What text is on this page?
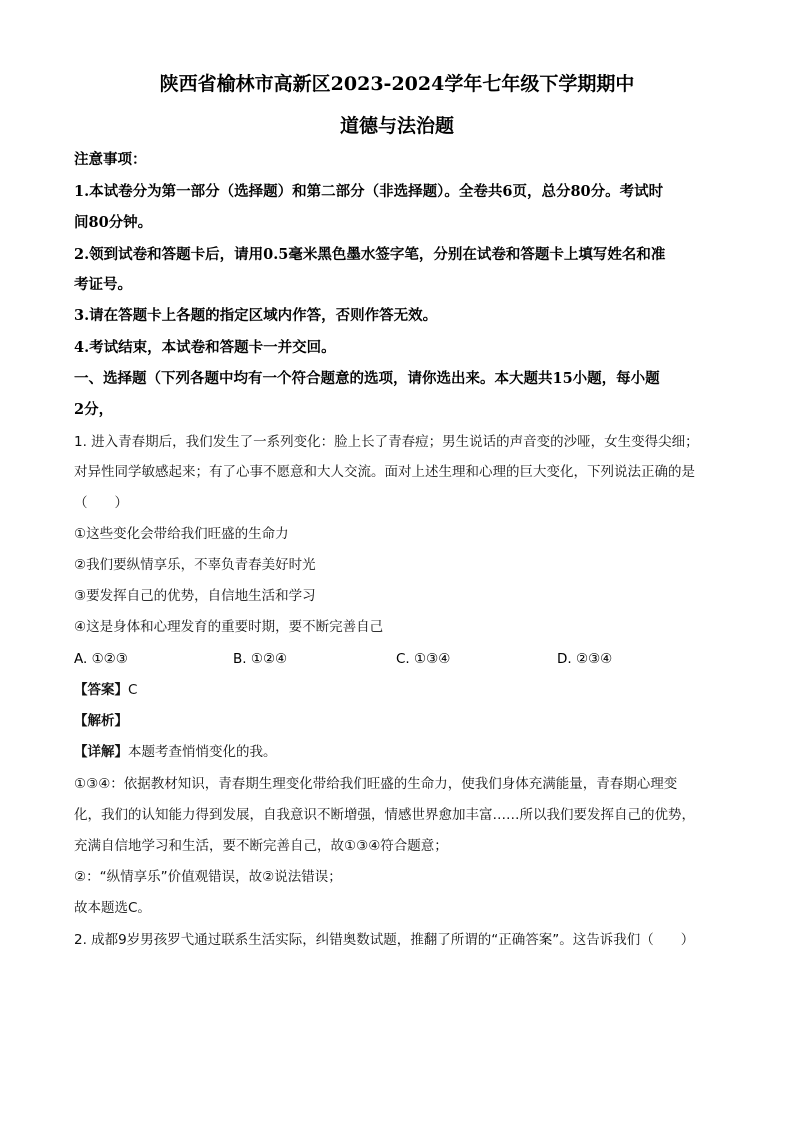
陕西省榆林市高新区2023-2024学年七年级下学期期中
道德与法治题
注意事项：
1.本试卷分为第一部分（选择题）和第二部分（非选择题）。全卷共6页，总分80分。考试时
间80分钟。
2.领到试卷和答题卡后，请用0.5毫米黑色墨水签字笔，分别在试卷和答题卡上填写姓名和准
考证号。
3.请在答题卡上各题的指定区域内作答，否则作答无效。
4.考试结束，本试卷和答题卡一并交回。
一、选择题（下列各题中均有一个符合题意的选项，请你选出来。本大题共15小题，每小题
2分，
1. 进入青春期后，我们发生了一系列变化：脸上长了青春痘；男生说话的声音变的沙哑，女生变得尖细；
对异性同学敏感起来；有了心事不愿意和大人交流。面对上述生理和心理的巨大变化，下列说法正确的是
（　　）
①这些变化会带给我们旺盛的生命力
②我们要纵情享乐，不辜负青春美好时光
③要发挥自己的优势，自信地生活和学习
④这是身体和心理发育的重要时期，要不断完善自己
A. ①②③	B. ①②④	C. ①③④	D. ②③④
【答案】C
【解析】
【详解】本题考查悄悄变化的我。
①③④：依据教材知识，青春期生理变化带给我们旺盛的生命力，使我们身体充满能量，青春期心理变
化，我们的认知能力得到发展，自我意识不断增强，情感世界愈加丰富……所以我们要发挥自己的优势，
充满自信地学习和生活，要不断完善自己，故①③④符合题意；
②：“纵情享乐”价值观错误，故②说法错误；
故本题选C。
2. 成都9岁男孩罗弋通过联系生活实际，纠错奥数试题，推翻了所谓的“正确答案”。这告诉我们（　　）
